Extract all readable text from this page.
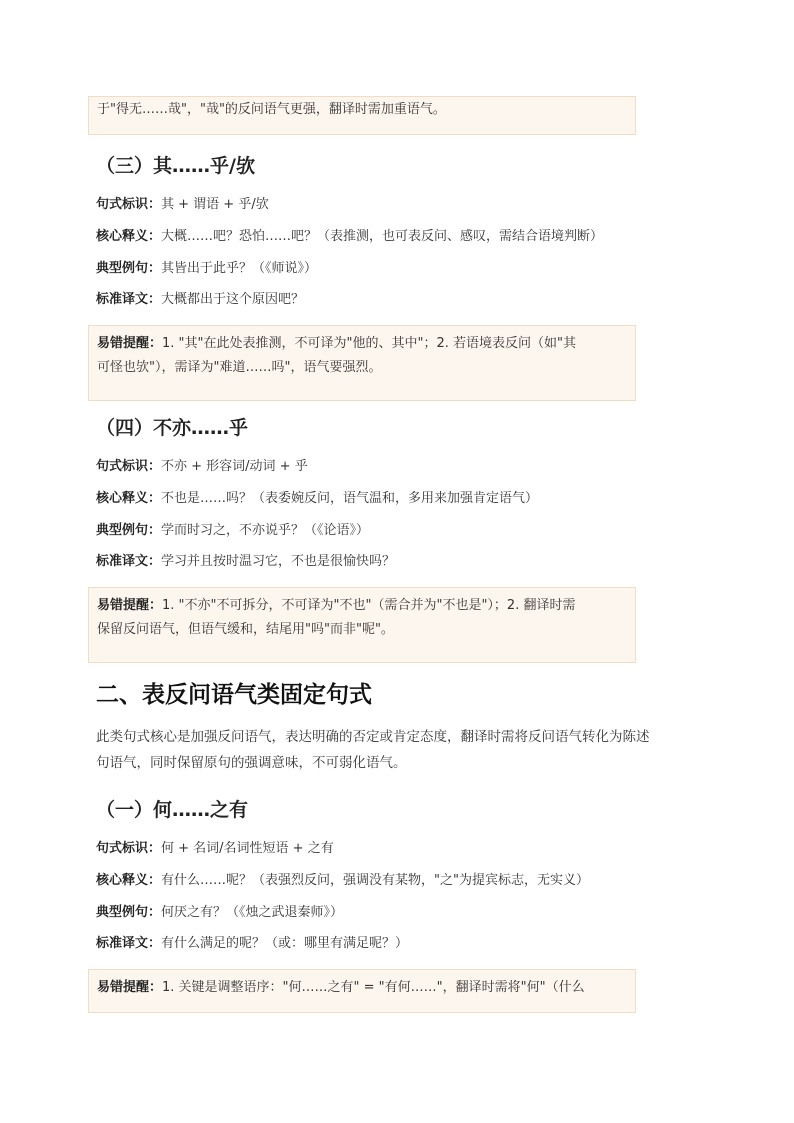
于"得无……哉"，"哉"的反问语气更强，翻译时需加重语气。
（三）其……乎/欤
句式标识：其 + 谓语 + 乎/欤
核心释义：大概……吧？恐怕……吧？（表推测，也可表反问、感叹，需结合语境判断）
典型例句：其皆出于此乎？（《师说》）
标准译文：大概都出于这个原因吧？
易错提醒：1. "其"在此处表推测，不可译为"他的、其中"；2. 若语境表反问（如"其
可怪也欤"），需译为"难道……吗"，语气要强烈。
（四）不亦……乎
句式标识：不亦 + 形容词/动词 + 乎
核心释义：不也是……吗？（表委婉反问，语气温和，多用来加强肯定语气）
典型例句：学而时习之，不亦说乎？（《论语》）
标准译文：学习并且按时温习它，不也是很愉快吗？
易错提醒：1. "不亦"不可拆分，不可译为"不也"（需合并为"不也是"）；2. 翻译时需
保留反问语气，但语气缓和，结尾用"吗"而非"呢"。
二、表反问语气类固定句式
此类句式核心是加强反问语气，表达明确的否定或肯定态度，翻译时需将反问语气转化为陈述
句语气，同时保留原句的强调意味，不可弱化语气。
（一）何……之有
句式标识：何 + 名词/名词性短语 + 之有
核心释义：有什么……呢？（表强烈反问，强调没有某物，"之"为提宾标志，无实义）
典型例句：何厌之有？（《烛之武退秦师》）
标准译文：有什么满足的呢？（或：哪里有满足呢？）
易错提醒：1. 关键是调整语序："何……之有" = "有何……"，翻译时需将"何"（什么
